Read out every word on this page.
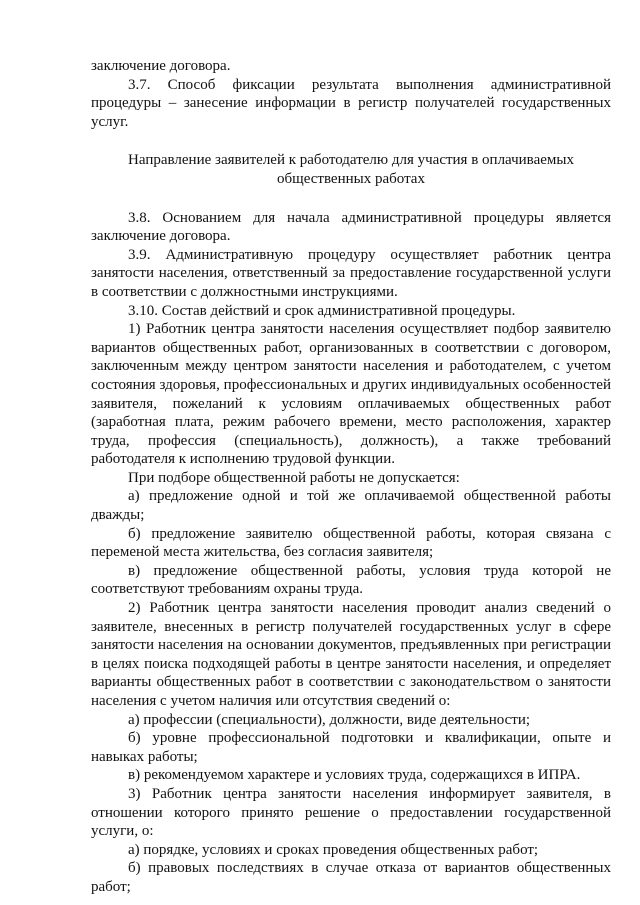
заключение договора.

3.7. Способ фиксации результата выполнения административной процедуры – занесение информации в регистр получателей государственных услуг.

Направление заявителей к работодателю для участия в оплачиваемых общественных работах

3.8. Основанием для начала административной процедуры является заключение договора.

3.9. Административную процедуру осуществляет работник центра занятости населения, ответственный за предоставление государственной услуги в соответствии с должностными инструкциями.

3.10. Состав действий и срок административной процедуры.

1) Работник центра занятости населения осуществляет подбор заявителю вариантов общественных работ, организованных в соответствии с договором, заключенным между центром занятости населения и работодателем, с учетом состояния здоровья, профессиональных и других индивидуальных особенностей заявителя, пожеланий к условиям оплачиваемых общественных работ (заработная плата, режим рабочего времени, место расположения, характер труда, профессия (специальность), должность), а также требований работодателя к исполнению трудовой функции.

При подборе общественной работы не допускается:

а) предложение одной и той же оплачиваемой общественной работы дважды;

б) предложение заявителю общественной работы, которая связана с переменой места жительства, без согласия заявителя;

в) предложение общественной работы, условия труда которой не соответствуют требованиям охраны труда.

2) Работник центра занятости населения проводит анализ сведений о заявителе, внесенных в регистр получателей государственных услуг в сфере занятости населения на основании документов, предъявленных при регистрации в целях поиска подходящей работы в центре занятости населения, и определяет варианты общественных работ в соответствии с законодательством о занятости населения с учетом наличия или отсутствия сведений о:

а) профессии (специальности), должности, виде деятельности;

б) уровне профессиональной подготовки и квалификации, опыте и навыках работы;

в) рекомендуемом характере и условиях труда, содержащихся в ИПРА.

3) Работник центра занятости населения информирует заявителя, в отношении которого принято решение о предоставлении государственной услуги, о:

а) порядке, условиях и сроках проведения общественных работ;

б) правовых последствиях в случае отказа от вариантов общественных работ;
